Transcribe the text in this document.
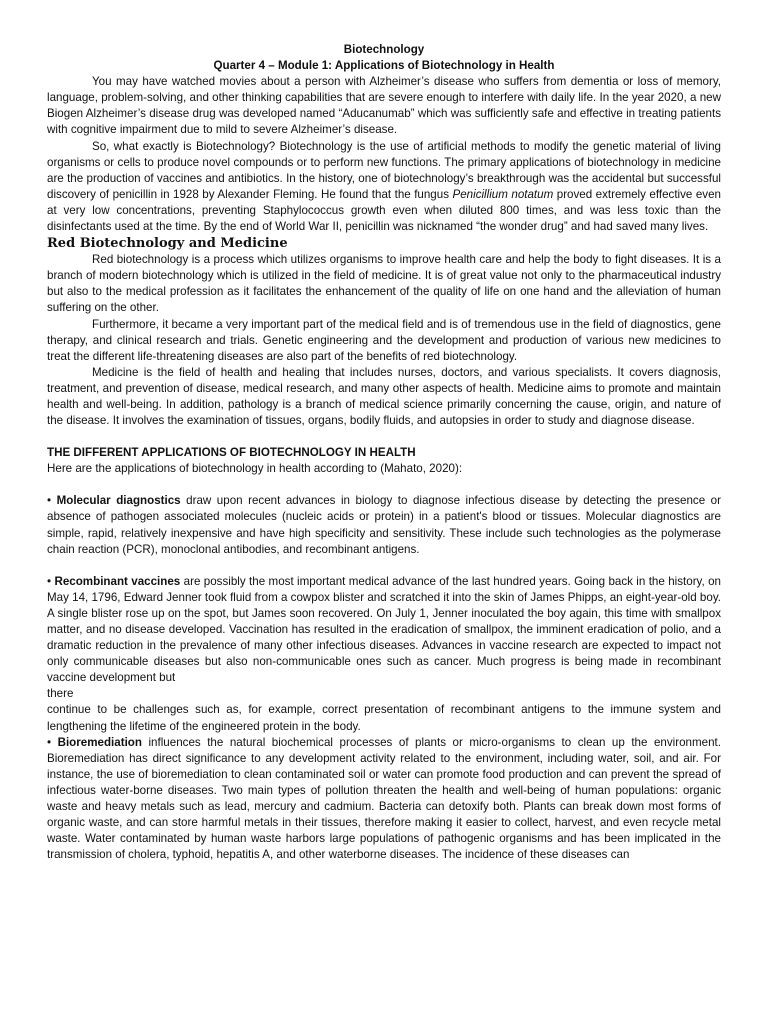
Biotechnology

Quarter 4 – Module 1: Applications of Biotechnology in Health

You may have watched movies about a person with Alzheimer’s disease who suffers from dementia or loss of memory, language, problem-solving, and other thinking capabilities that are severe enough to interfere with daily life. In the year 2020, a new Biogen Alzheimer’s disease drug was developed named “Aducanumab” which was sufficiently safe and effective in treating patients with cognitive impairment due to mild to severe Alzheimer’s disease.

So, what exactly is Biotechnology? Biotechnology is the use of artificial methods to modify the genetic material of living organisms or cells to produce novel compounds or to perform new functions. The primary applications of biotechnology in medicine are the production of vaccines and antibiotics. In the history, one of biotechnology’s breakthrough was the accidental but successful discovery of penicillin in 1928 by Alexander Fleming. He found that the fungus Penicillium notatum proved extremely effective even at very low concentrations, preventing Staphylococcus growth even when diluted 800 times, and was less toxic than the disinfectants used at the time. By the end of World War II, penicillin was nicknamed “the wonder drug” and had saved many lives.

Red Biotechnology and Medicine

Red biotechnology is a process which utilizes organisms to improve health care and help the body to fight diseases. It is a branch of modern biotechnology which is utilized in the field of medicine. It is of great value not only to the pharmaceutical industry but also to the medical profession as it facilitates the enhancement of the quality of life on one hand and the alleviation of human suffering on the other.

Furthermore, it became a very important part of the medical field and is of tremendous use in the field of diagnostics, gene therapy, and clinical research and trials. Genetic engineering and the development and production of various new medicines to treat the different life-threatening diseases are also part of the benefits of red biotechnology.

Medicine is the field of health and healing that includes nurses, doctors, and various specialists. It covers diagnosis, treatment, and prevention of disease, medical research, and many other aspects of health. Medicine aims to promote and maintain health and well-being. In addition, pathology is a branch of medical science primarily concerning the cause, origin, and nature of the disease. It involves the examination of tissues, organs, bodily fluids, and autopsies in order to study and diagnose disease.

THE DIFFERENT APPLICATIONS OF BIOTECHNOLOGY IN HEALTH

Here are the applications of biotechnology in health according to (Mahato, 2020):

• Molecular diagnostics draw upon recent advances in biology to diagnose infectious disease by detecting the presence or absence of pathogen associated molecules (nucleic acids or protein) in a patient's blood or tissues. Molecular diagnostics are simple, rapid, relatively inexpensive and have high specificity and sensitivity. These include such technologies as the polymerase chain reaction (PCR), monoclonal antibodies, and recombinant antigens.

• Recombinant vaccines are possibly the most important medical advance of the last hundred years. Going back in the history, on May 14, 1796, Edward Jenner took fluid from a cowpox blister and scratched it into the skin of James Phipps, an eight-year-old boy. A single blister rose up on the spot, but James soon recovered. On July 1, Jenner inoculated the boy again, this time with smallpox matter, and no disease developed. Vaccination has resulted in the eradication of smallpox, the imminent eradication of polio, and a dramatic reduction in the prevalence of many other infectious diseases. Advances in vaccine research are expected to impact not only communicable diseases but also non-communicable ones such as cancer. Much progress is being made in recombinant vaccine development but

there

continue to be challenges such as, for example, correct presentation of recombinant antigens to the immune system and lengthening the lifetime of the engineered protein in the body.

• Bioremediation influences the natural biochemical processes of plants or micro-organisms to clean up the environment. Bioremediation has direct significance to any development activity related to the environment, including water, soil, and air. For instance, the use of bioremediation to clean contaminated soil or water can promote food production and can prevent the spread of infectious water-borne diseases. Two main types of pollution threaten the health and well-being of human populations: organic waste and heavy metals such as lead, mercury and cadmium. Bacteria can detoxify both. Plants can break down most forms of organic waste, and can store harmful metals in their tissues, therefore making it easier to collect, harvest, and even recycle metal waste. Water contaminated by human waste harbors large populations of pathogenic organisms and has been implicated in the transmission of cholera, typhoid, hepatitis A, and other waterborne diseases. The incidence of these diseases can
